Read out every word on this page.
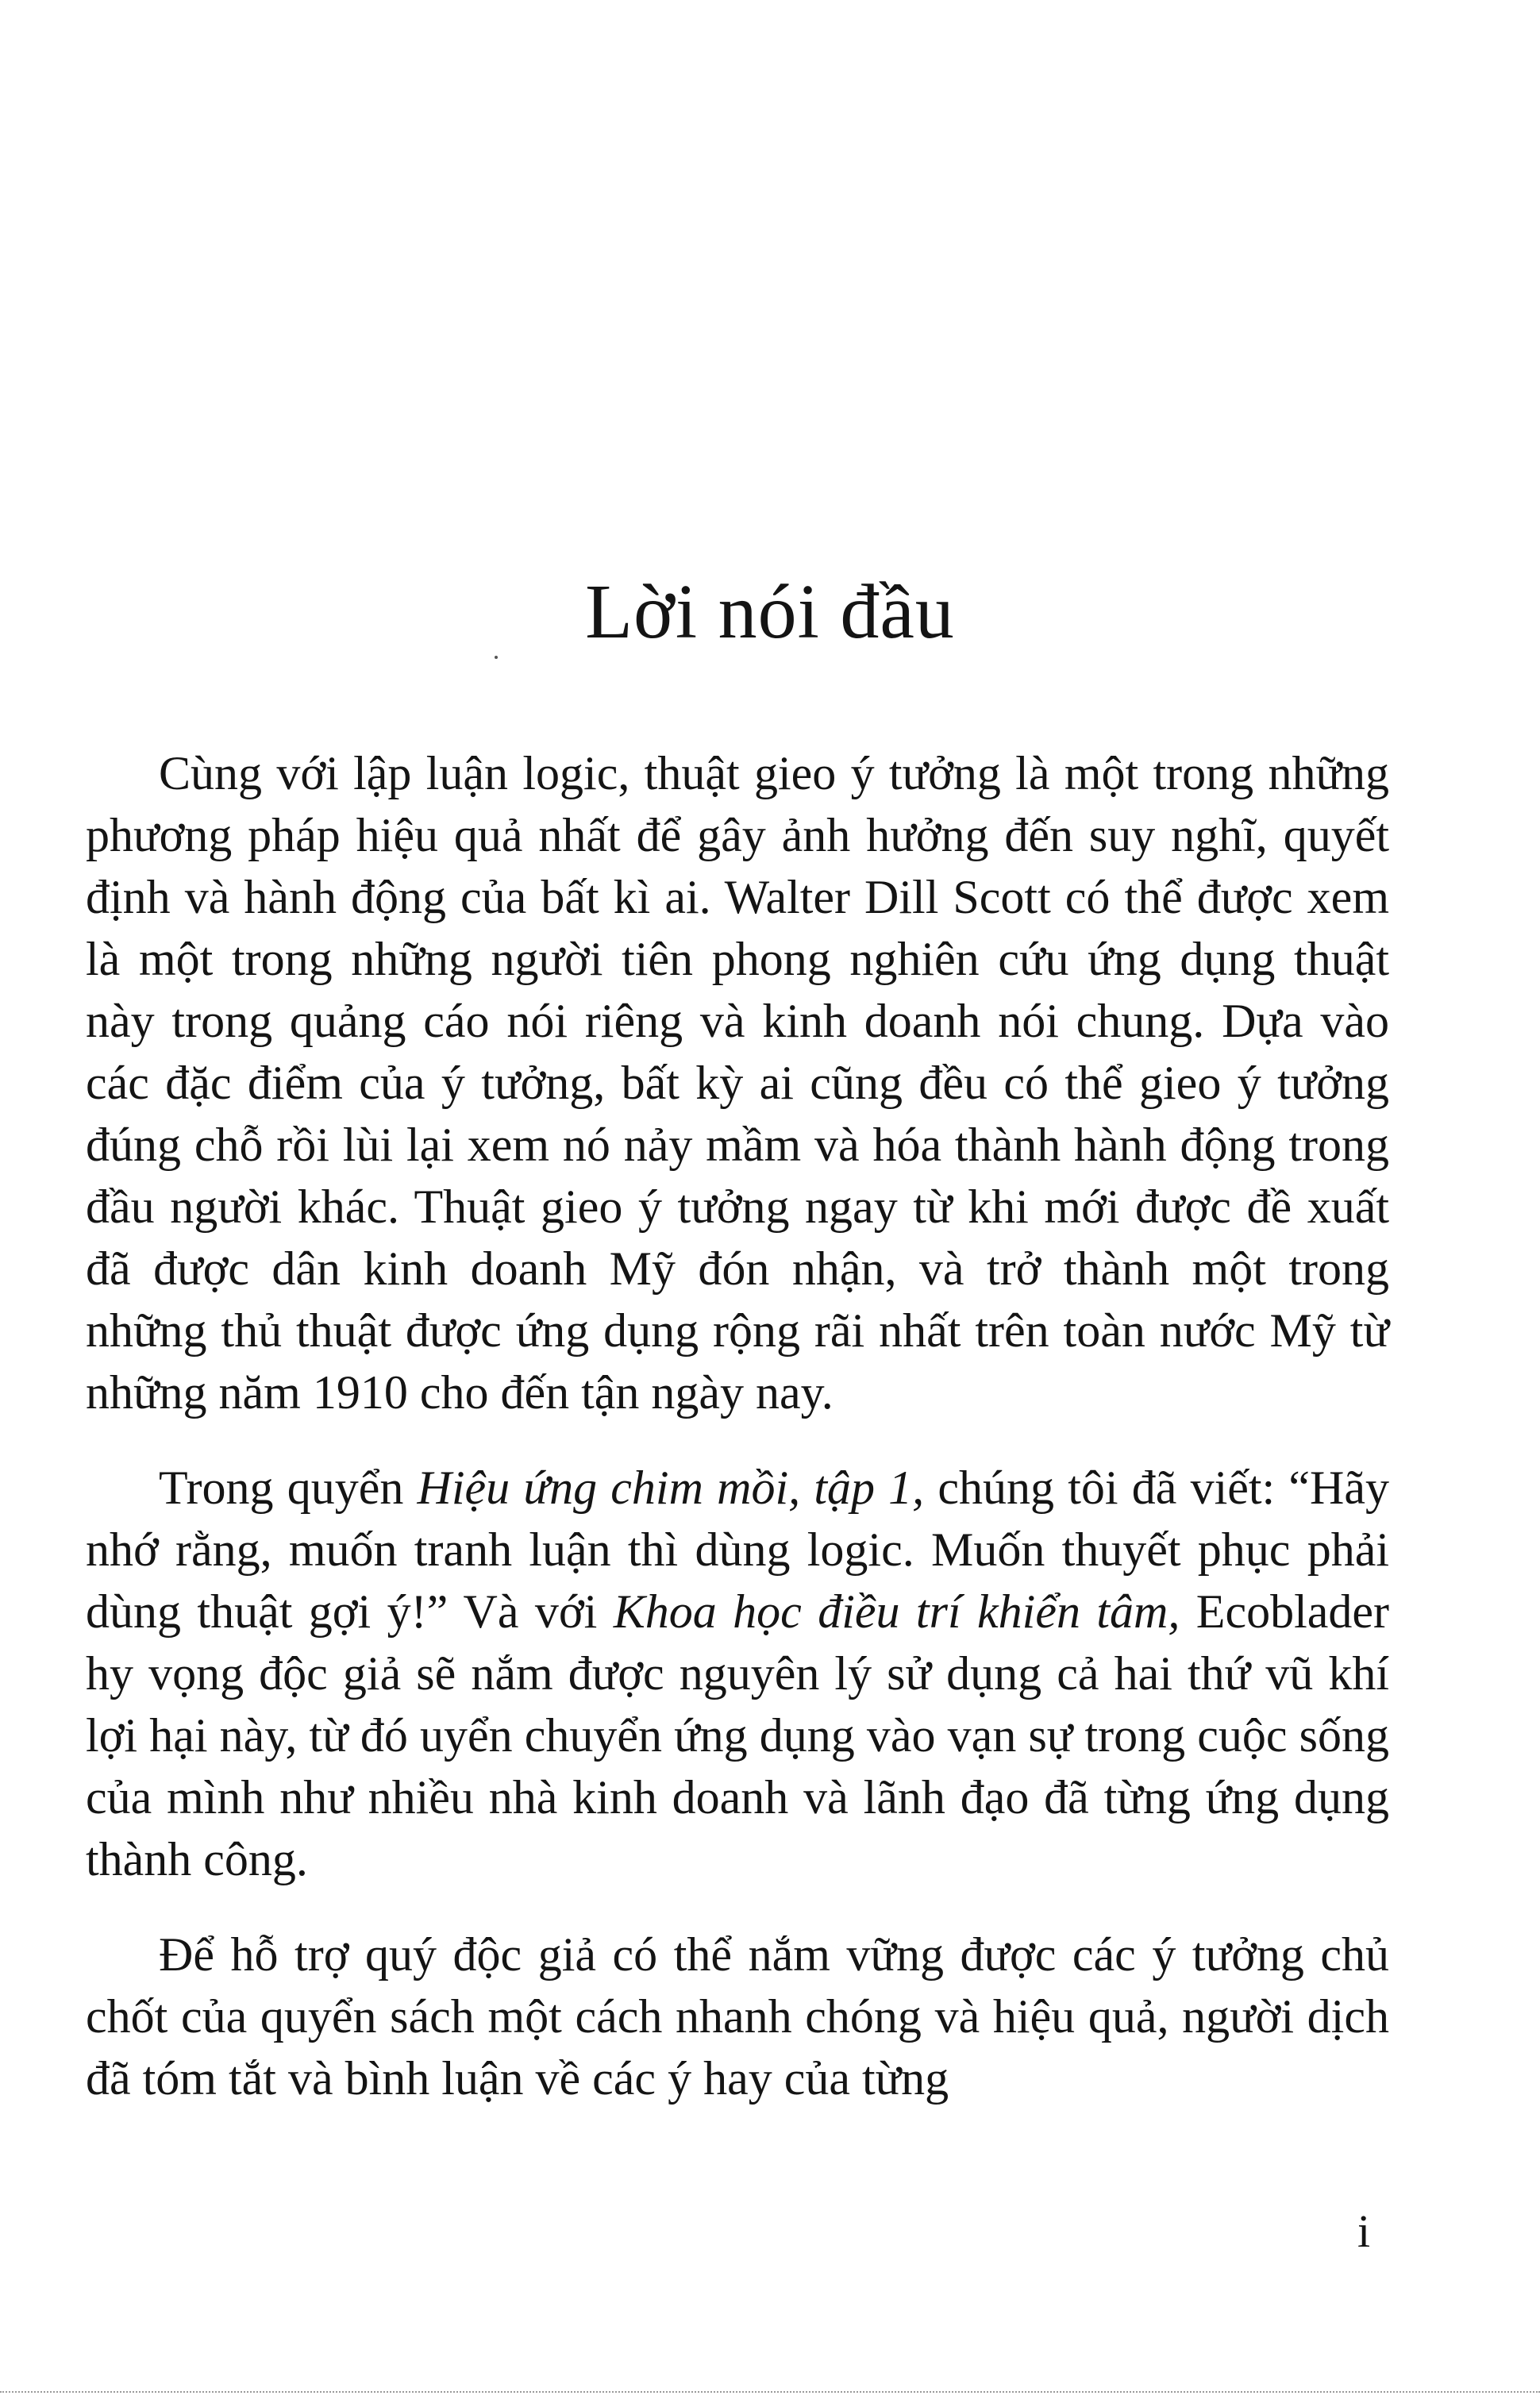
Lời nói đầu

Cùng với lập luận logic, thuật gieo ý tưởng là một trong những phương pháp hiệu quả nhất để gây ảnh hưởng đến suy nghĩ, quyết định và hành động của bất kì ai. Walter Dill Scott có thể được xem là một trong những người tiên phong nghiên cứu ứng dụng thuật này trong quảng cáo nói riêng và kinh doanh nói chung. Dựa vào các đặc điểm của ý tưởng, bất kỳ ai cũng đều có thể gieo ý tưởng đúng chỗ rồi lùi lại xem nó nảy mầm và hóa thành hành động trong đầu người khác. Thuật gieo ý tưởng ngay từ khi mới được đề xuất đã được dân kinh doanh Mỹ đón nhận, và trở thành một trong những thủ thuật được ứng dụng rộng rãi nhất trên toàn nước Mỹ từ những năm 1910 cho đến tận ngày nay.

Trong quyển Hiệu ứng chim mồi, tập 1, chúng tôi đã viết: “Hãy nhớ rằng, muốn tranh luận thì dùng logic. Muốn thuyết phục phải dùng thuật gợi ý!” Và với Khoa học điều trí khiển tâm, Ecoblader hy vọng độc giả sẽ nắm được nguyên lý sử dụng cả hai thứ vũ khí lợi hại này, từ đó uyển chuyển ứng dụng vào vạn sự trong cuộc sống của mình như nhiều nhà kinh doanh và lãnh đạo đã từng ứng dụng thành công.

Để hỗ trợ quý độc giả có thể nắm vững được các ý tưởng chủ chốt của quyển sách một cách nhanh chóng và hiệu quả, người dịch đã tóm tắt và bình luận về các ý hay của từng

i
